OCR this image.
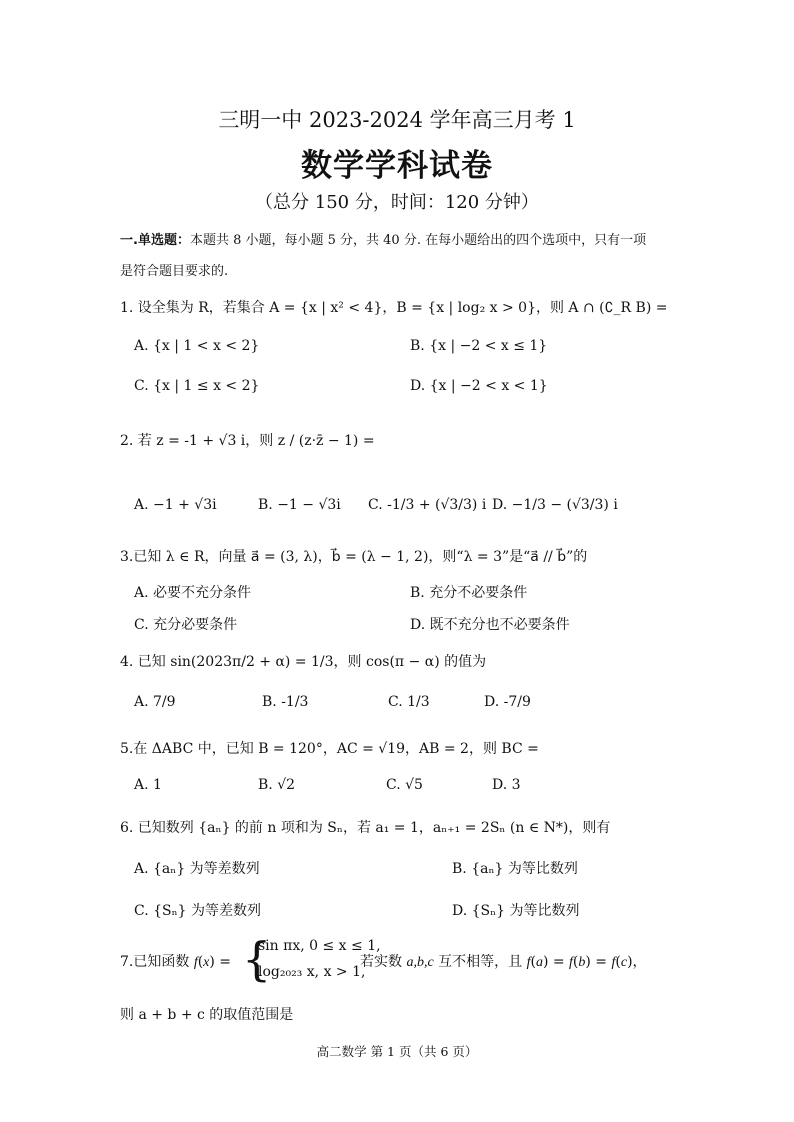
三明一中 2023-2024 学年高三月考 1
数学学科试卷
（总分 150 分，时间：120 分钟）
一.单选题：本题共 8 小题，每小题 5 分，共 40 分. 在每小题给出的四个选项中，只有一项
是符合题目要求的.
1. 设全集为 R，若集合 A = {x | x² < 4}，B = {x | log₂ x > 0}，则 A ∩ (∁_R B) =
A. {x | 1 < x < 2}	B. {x | −2 < x ≤ 1}
C. {x | 1 ≤ x < 2}	D. {x | −2 < x < 1}
2. 若 z = -1 + √3 i，则 z / (z·z̄ − 1) =
A. −1 + √3i	B. −1 − √3i C. -1/3 + (√3/3) i D. −1/3 − (√3/3) i
3.已知 λ ∈ R，向量 a⃗ = (3, λ)，b⃗ = (λ − 1, 2)，则“λ = 3”是“a⃗ // b⃗”的
A. 必要不充分条件	B. 充分不必要条件
C. 充分必要条件	D. 既不充分也不必要条件
4. 已知 sin(2023π/2 + α) = 1/3，则 cos(π − α) 的值为
A. 7/9	B. -1/3	C. 1/3	D. -7/9
5.在 ΔABC 中，已知 B = 120°，AC = √19，AB = 2，则 BC =
A. 1	B. √2	C. √5	D. 3
6. 已知数列 {aₙ} 的前 n 项和为 Sₙ，若 a₁ = 1，aₙ₊₁ = 2Sₙ (n ∈ N*)，则有
A. {aₙ} 为等差数列	B. {aₙ} 为等比数列
C. {Sₙ} 为等差数列	D. {Sₙ} 为等比数列
7.已知函数 f(x) = {
sin πx, 0 ≤ x ≤ 1,
log₂₀₂₃ x, x > 1,
若实数 a,b,c 互不相等，且 f(a) = f(b) = f(c)，
则 a + b + c 的取值范围是
高二数学 第 1 页（共 6 页）
